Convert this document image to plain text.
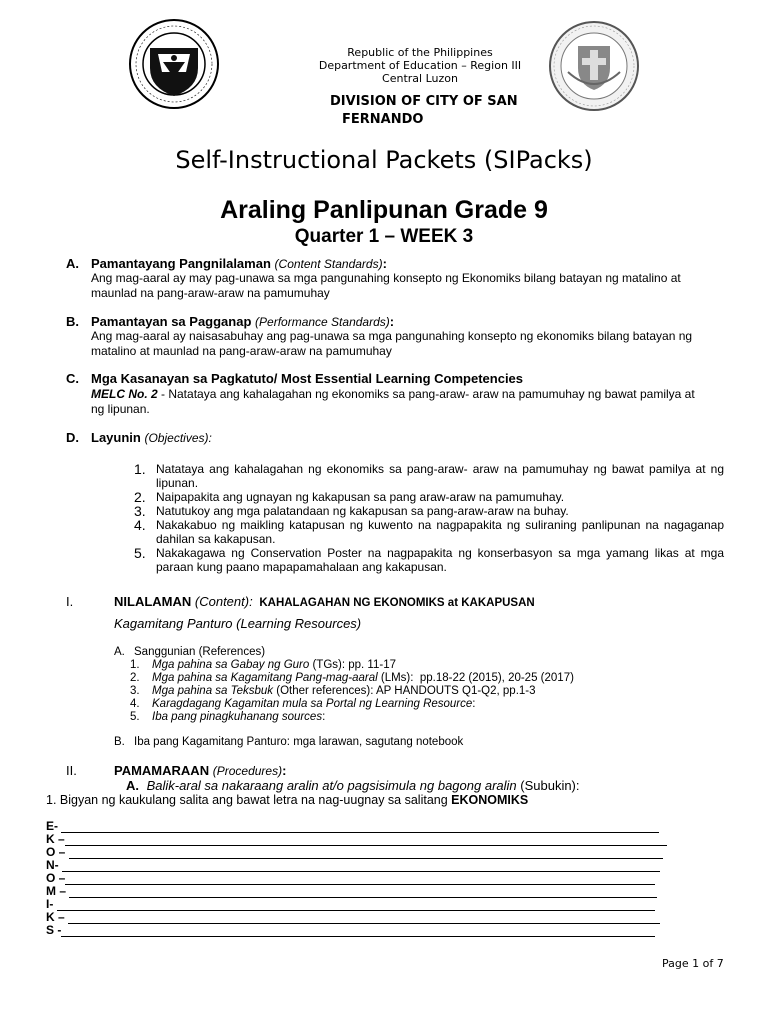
Republic of the Philippines
Department of Education – Region III
Central Luzon
DIVISION OF CITY OF SAN
FERNANDO
Self-Instructional Packets (SIPacks)
Araling Panlipunan Grade 9
Quarter 1 – WEEK 3
A. Pamantayang Pangnilalaman (Content Standards):
Ang mag-aaral ay may pag-unawa sa mga pangunahing konsepto ng Ekonomiks bilang batayan ng matalino at maunlad na pang-araw-araw na pamumuhay
B. Pamantayan sa Pagganap (Performance Standards):
Ang mag-aaral ay naisasabuhay ang pag-unawa sa mga pangunahing konsepto ng ekonomiks bilang batayan ng matalino at maunlad na pang-araw-araw na pamumuhay
C. Mga Kasanayan sa Pagkatuto/ Most Essential Learning Competencies
MELC No. 2 - Natataya ang kahalagahan ng ekonomiks sa pang-araw- araw na pamumuhay ng bawat pamilya at ng lipunan.
D. Layunin (Objectives):
1. Natataya ang kahalagahan ng ekonomiks sa pang-araw- araw na pamumuhay ng bawat pamilya at ng lipunan.
2. Naipapakita ang ugnayan ng kakapusan sa pang araw-araw na pamumuhay.
3. Natutukoy ang mga palatandaan ng kakapusan sa pang-araw-araw na buhay.
4. Nakakabuo ng maikling katapusan ng kuwento na nagpapakita ng suliraning panlipunan na nagaganap dahilan sa kakapusan.
5. Nakakagawa ng Conservation Poster na nagpapakita ng konserbasyon sa mga yamang likas at mga paraan kung paano mapapamahalaan ang kakapusan.
I.	NILALAMAN (Content): KAHALAGAHAN NG EKONOMIKS at KAKAPUSAN
Kagamitang Panturo (Learning Resources)
A. Sanggunian (References)
1.	Mga pahina sa Gabay ng Guro (TGs): pp. 11-17
2.	Mga pahina sa Kagamitang Pang-mag-aaral (LMs):  pp.18-22 (2015), 20-25 (2017)
3.	Mga pahina sa Teksbuk (Other references): AP HANDOUTS Q1-Q2, pp.1-3
4.	Karagdagang Kagamitan mula sa Portal ng Learning Resource:
5.	Iba pang pinagkuhanang sources:
B. Iba pang Kagamitang Panturo: mga larawan, sagutang notebook
II.	PAMAMARAAN (Procedures):
A. Balik-aral sa nakaraang aralin at/o pagsisimula ng bagong aralin (Subukin):
1. Bigyan ng kaukulang salita ang bawat letra na nag-uugnay sa salitang EKONOMIKS
E-
K –
O –
N-
O –
M –
I-
K –
S -
Page 1 of 7
